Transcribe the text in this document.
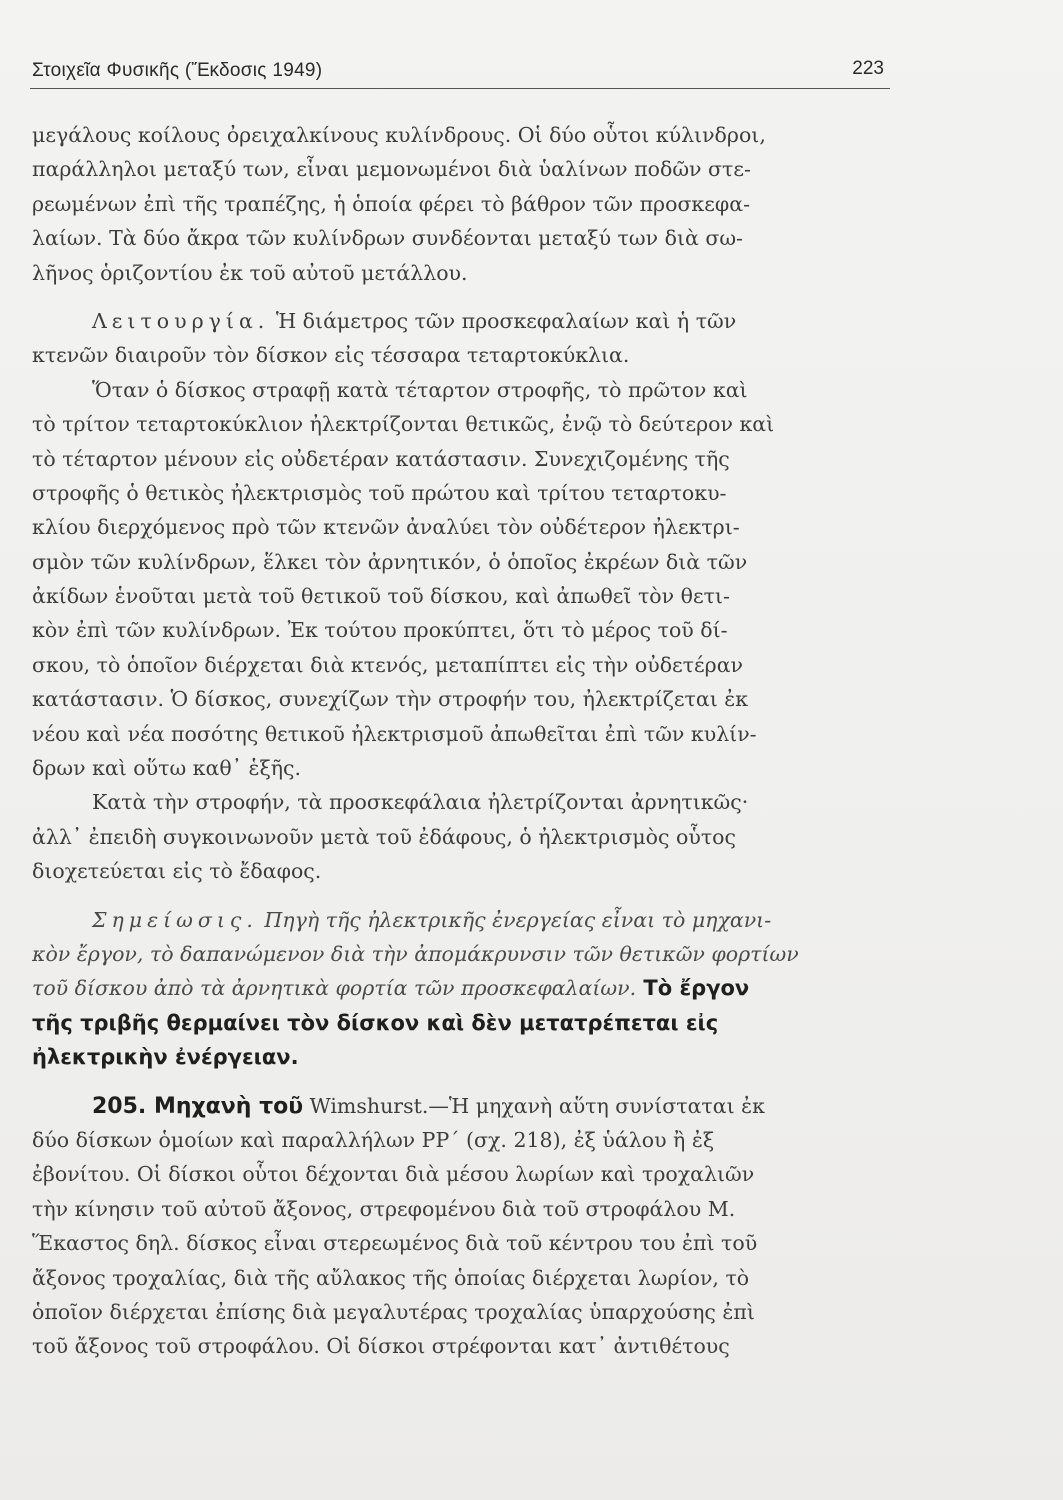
Στοιχεῖα Φυσικῆς (Ἔκδοσις 1949)	223
μεγάλους κοίλους ὀρειχαλκίνους κυλίνδρους. Οἱ δύο οὗτοι κύλινδροι,
παράλληλοι μεταξύ των, εἶναι μεμονωμένοι διὰ ὑαλίνων ποδῶν στε-
ρεωμένων ἐπὶ τῆς τραπέζης, ἡ ὁποία φέρει τὸ βάθρον τῶν προσκεφα-
λαίων. Τὰ δύο ἄκρα τῶν κυλίνδρων συνδέονται μεταξύ των διὰ σω-
λῆνος ὁριζοντίου ἐκ τοῦ αὐτοῦ μετάλλου.
Λειτουργία. Ἡ διάμετρος τῶν προσκεφαλαίων καὶ ἡ τῶν
κτενῶν διαιροῦν τὸν δίσκον εἰς τέσσαρα τεταρτοκύκλια.
Ὅταν ὁ δίσκος στραφῇ κατὰ τέταρτον στροφῆς, τὸ πρῶτον καὶ
τὸ τρίτον τεταρτοκύκλιον ἠλεκτρίζονται θετικῶς, ἐνῷ τὸ δεύτερον καὶ
τὸ τέταρτον μένουν εἰς οὐδετέραν κατάστασιν. Συνεχιζομένης τῆς
στροφῆς ὁ θετικὸς ἠλεκτρισμὸς τοῦ πρώτου καὶ τρίτου τεταρτοκυ-
κλίου διερχόμενος πρὸ τῶν κτενῶν ἀναλύει τὸν οὐδέτερον ἠλεκτρι-
σμὸν τῶν κυλίνδρων, ἕλκει τὸν ἀρνητικόν, ὁ ὁποῖος ἐκρέων διὰ τῶν
ἀκίδων ἑνοῦται μετὰ τοῦ θετικοῦ τοῦ δίσκου, καὶ ἀπωθεῖ τὸν θετι-
κὸν ἐπὶ τῶν κυλίνδρων. Ἐκ τούτου προκύπτει, ὅτι τὸ μέρος τοῦ δί-
σκου, τὸ ὁποῖον διέρχεται διὰ κτενός, μεταπίπτει εἰς τὴν οὐδετέραν
κατάστασιν. Ὁ δίσκος, συνεχίζων τὴν στροφήν του, ἠλεκτρίζεται ἐκ
νέου καὶ νέα ποσότης θετικοῦ ἠλεκτρισμοῦ ἀπωθεῖται ἐπὶ τῶν κυλίν-
δρων καὶ οὕτω καθ᾽ ἑξῆς.
Κατὰ τὴν στροφήν, τὰ προσκεφάλαια ἠλετρίζονται ἀρνητικῶς·
ἀλλ᾽ ἐπειδὴ συγκοινωνοῦν μετὰ τοῦ ἐδάφους, ὁ ἠλεκτρισμὸς οὗτος
διοχετεύεται εἰς τὸ ἔδαφος.
Σημείωσις. Πηγὴ τῆς ἠλεκτρικῆς ἐνεργείας εἶναι τὸ μηχανι-
κὸν ἔργον, τὸ δαπανώμενον διὰ τὴν ἀπομάκρυνσιν τῶν θετικῶν φορτίων
τοῦ δίσκου ἀπὸ τὰ ἀρνητικὰ φορτία τῶν προσκεφαλαίων. Τὸ ἔργον
τῆς τριβῆς θερμαίνει τὸν δίσκον καὶ δὲν μετατρέπεται εἰς
ἠλεκτρικὴν ἐνέργειαν.
205. Μηχανὴ τοῦ Wimshurst.—Ἡ μηχανὴ αὕτη συνίσταται ἐκ
δύο δίσκων ὁμοίων καὶ παραλλήλων PP΄ (σχ. 218), ἐξ ὑάλου ἢ ἐξ
ἐβονίτου. Οἱ δίσκοι οὗτοι δέχονται διὰ μέσου λωρίων καὶ τροχαλιῶν
τὴν κίνησιν τοῦ αὐτοῦ ἄξονος, στρεφομένου διὰ τοῦ στροφάλου Μ.
Ἕκαστος δηλ. δίσκος εἶναι στερεωμένος διὰ τοῦ κέντρου του ἐπὶ τοῦ
ἄξονος τροχαλίας, διὰ τῆς αὔλακος τῆς ὁποίας διέρχεται λωρίον, τὸ
ὁποῖον διέρχεται ἐπίσης διὰ μεγαλυτέρας τροχαλίας ὑπαρχούσης ἐπὶ
τοῦ ἄξονος τοῦ στροφάλου. Οἱ δίσκοι στρέφονται κατ᾽ ἀντιθέτους
